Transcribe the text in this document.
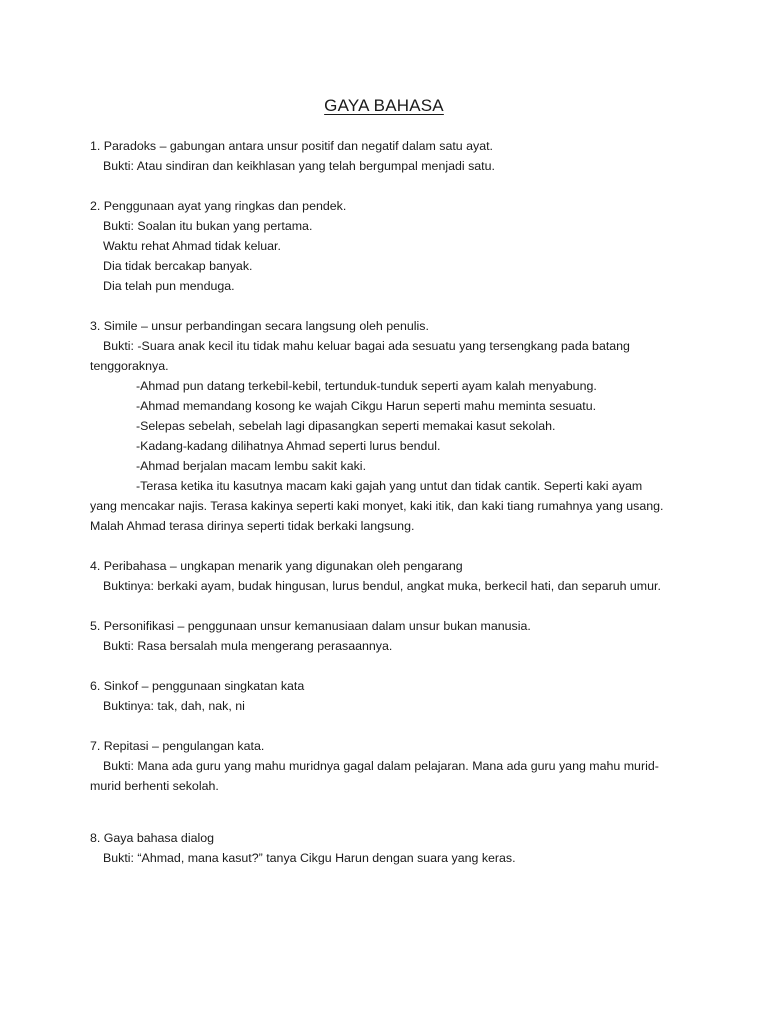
GAYA BAHASA
1. Paradoks – gabungan antara unsur positif dan negatif dalam satu ayat.
Bukti: Atau sindiran dan keikhlasan yang telah bergumpal menjadi satu.
2. Penggunaan ayat yang ringkas dan pendek.
Bukti: Soalan itu bukan yang pertama.
Waktu rehat Ahmad tidak keluar.
Dia tidak bercakap banyak.
Dia telah pun menduga.
3. Simile – unsur perbandingan secara langsung oleh penulis.
Bukti: -Suara anak kecil itu tidak mahu keluar bagai ada sesuatu yang tersengkang pada batang
tenggoraknya.
-Ahmad pun datang terkebil-kebil, tertunduk-tunduk seperti ayam kalah menyabung.
-Ahmad memandang kosong ke wajah Cikgu Harun seperti mahu meminta sesuatu.
-Selepas sebelah, sebelah lagi dipasangkan seperti memakai kasut sekolah.
-Kadang-kadang dilihatnya Ahmad seperti lurus bendul.
-Ahmad berjalan macam lembu sakit kaki.
-Terasa ketika itu kasutnya macam kaki gajah yang untut dan tidak cantik. Seperti kaki ayam
yang mencakar najis. Terasa kakinya seperti kaki monyet, kaki itik, dan kaki tiang rumahnya yang usang.
Malah Ahmad terasa dirinya seperti tidak berkaki langsung.
4. Peribahasa – ungkapan menarik yang digunakan oleh pengarang
Buktinya: berkaki ayam, budak hingusan, lurus bendul, angkat muka, berkecil hati, dan separuh umur.
5. Personifikasi – penggunaan unsur kemanusiaan dalam unsur bukan manusia.
Bukti: Rasa bersalah mula mengerang perasaannya.
6. Sinkof – penggunaan singkatan kata
Buktinya: tak, dah, nak, ni
7. Repitasi – pengulangan kata.
Bukti: Mana ada guru yang mahu muridnya gagal dalam pelajaran. Mana ada guru yang mahu murid-
murid berhenti sekolah.
8. Gaya bahasa dialog
Bukti: “Ahmad, mana kasut?” tanya Cikgu Harun dengan suara yang keras.
